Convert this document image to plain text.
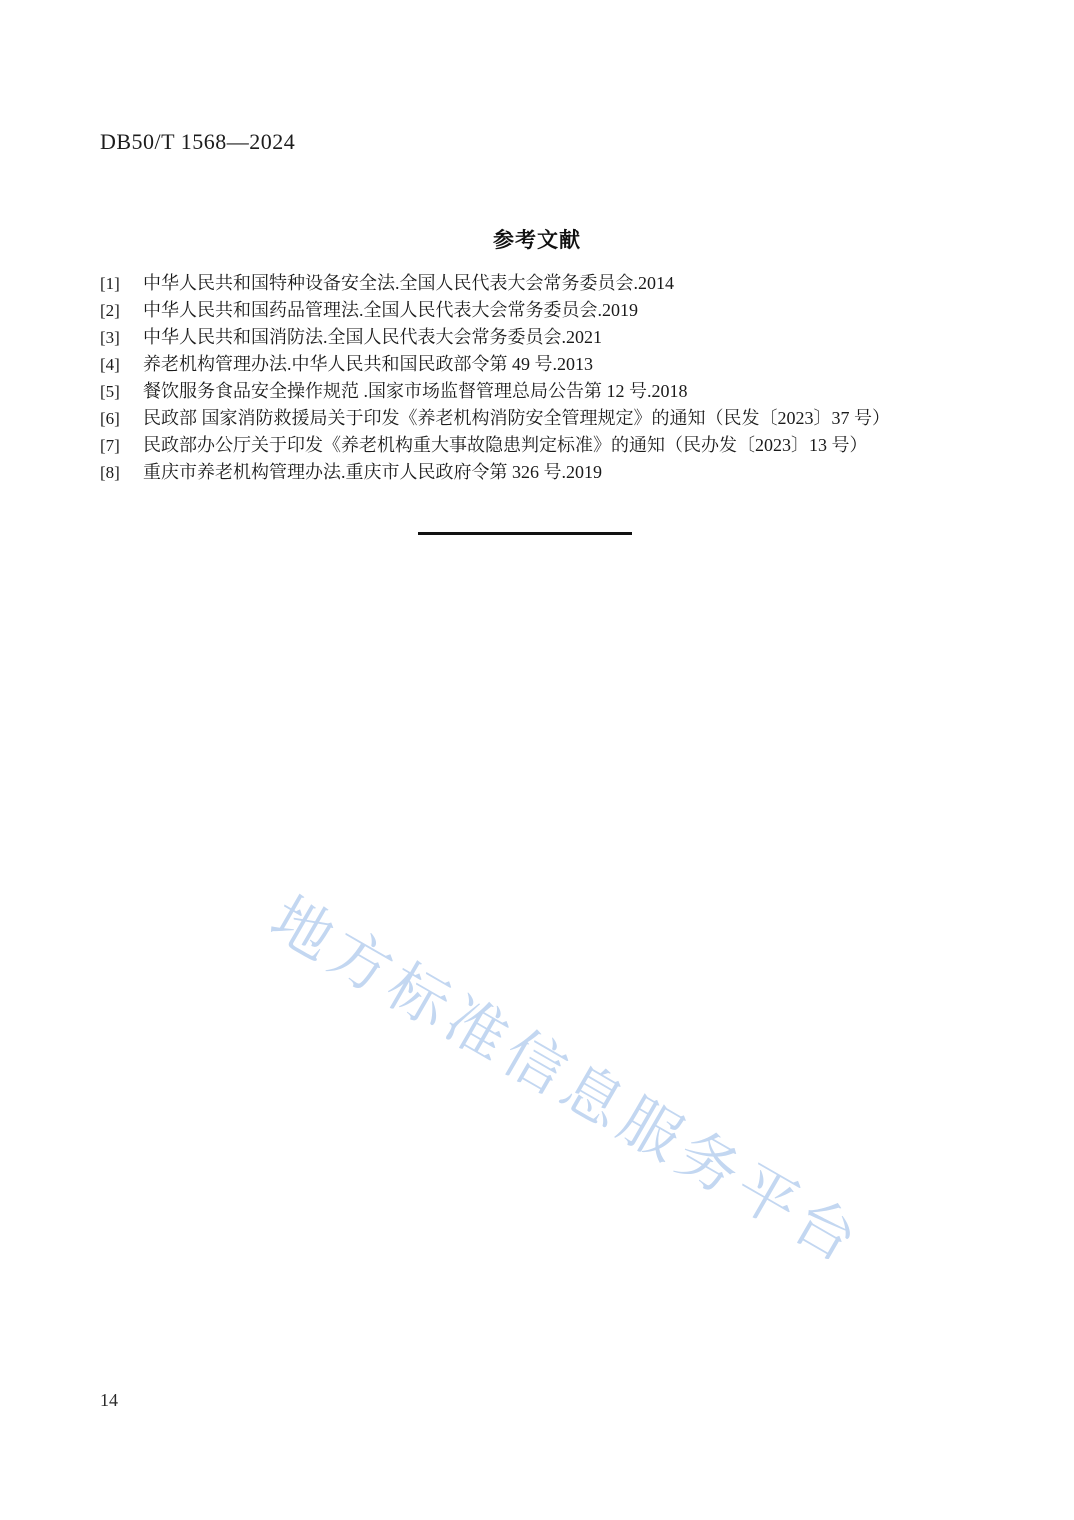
DB50/T 1568—2024
参考文献
[1]	中华人民共和国特种设备安全法.全国人民代表大会常务委员会.2014
[2]	中华人民共和国药品管理法.全国人民代表大会常务委员会.2019
[3]	中华人民共和国消防法.全国人民代表大会常务委员会.2021
[4]	养老机构管理办法.中华人民共和国民政部令第 49 号.2013
[5]	餐饮服务食品安全操作规范 .国家市场监督管理总局公告第 12 号.2018
[6]	民政部 国家消防救援局关于印发《养老机构消防安全管理规定》的通知（民发〔2023〕37 号）
[7]	民政部办公厅关于印发《养老机构重大事故隐患判定标准》的通知（民办发〔2023〕13 号）
[8]	重庆市养老机构管理办法.重庆市人民政府令第 326 号.2019
地方标准信息服务平台
14
